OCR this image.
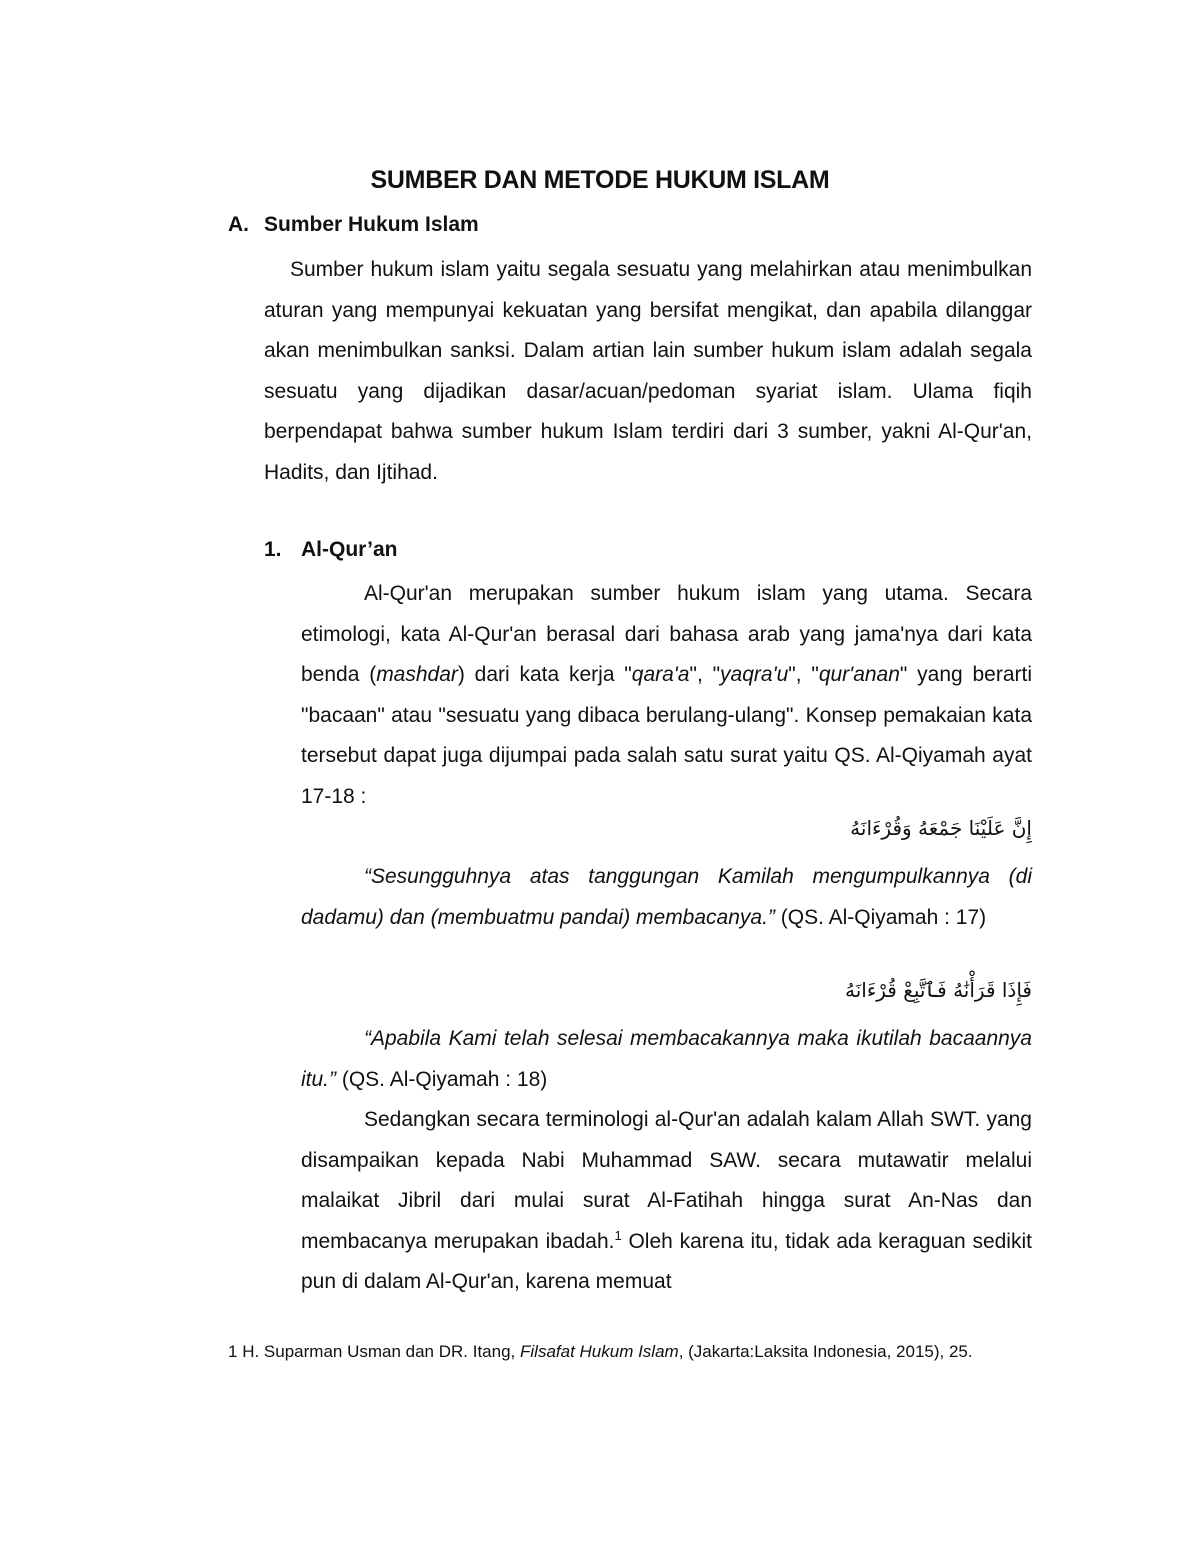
SUMBER DAN METODE HUKUM ISLAM
A. Sumber Hukum Islam
Sumber hukum islam yaitu segala sesuatu yang melahirkan atau menimbulkan aturan yang mempunyai kekuatan yang bersifat mengikat, dan apabila dilanggar akan menimbulkan sanksi. Dalam artian lain sumber hukum islam adalah segala sesuatu yang dijadikan dasar/acuan/pedoman syariat islam. Ulama fiqih berpendapat bahwa sumber hukum Islam terdiri dari 3 sumber, yakni Al-Qur'an, Hadits, dan Ijtihad.
1. Al-Qur’an
Al-Qur'an merupakan sumber hukum islam yang utama. Secara etimologi, kata Al-Qur'an berasal dari bahasa arab yang jama'nya dari kata benda (mashdar) dari kata kerja "qara'a", "yaqra'u", "qur'anan" yang berarti "bacaan" atau "sesuatu yang dibaca berulang-ulang". Konsep pemakaian kata tersebut dapat juga dijumpai pada salah satu surat yaitu QS. Al-Qiyamah ayat 17-18 :
إِنَّ عَلَيْنَا جَمْعَهُ وَقُرْءَانَهُ
“Sesungguhnya atas tanggungan Kamilah mengumpulkannya (di dadamu) dan (membuatmu pandai) membacanya.” (QS. Al-Qiyamah : 17)
فَإِذَا قَرَأْنَٰهُ فَٱتَّبِعْ قُرْءَانَهُ
“Apabila Kami telah selesai membacakannya maka ikutilah bacaannya itu.” (QS. Al-Qiyamah : 18)
Sedangkan secara terminologi al-Qur'an adalah kalam Allah SWT. yang disampaikan kepada Nabi Muhammad SAW. secara mutawatir melalui malaikat Jibril dari mulai surat Al-Fatihah hingga surat An-Nas dan membacanya merupakan ibadah.$^1$ Oleh karena itu, tidak ada keraguan sedikit pun di dalam Al-Qur'an, karena memuat
1 H. Suparman Usman dan DR. Itang, Filsafat Hukum Islam, (Jakarta:Laksita Indonesia, 2015), 25.
